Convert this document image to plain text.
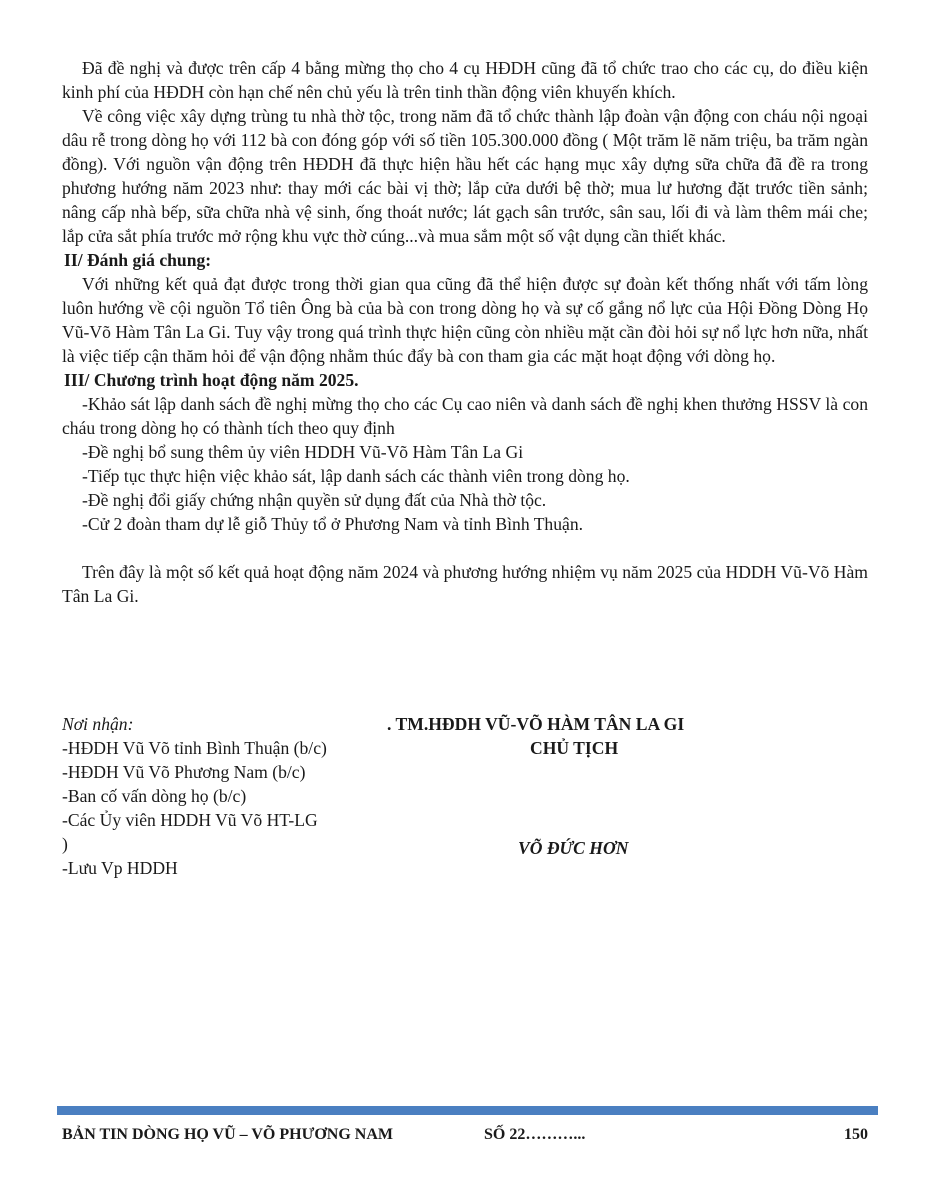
Đã đề nghị và được trên cấp 4 bằng mừng thọ cho 4 cụ HĐDH cũng đã tổ chức trao cho các cụ, do điều kiện kinh phí của HĐDH còn hạn chế nên chủ yếu là trên tinh thần động viên khuyến khích.

Về công việc xây dựng trùng tu nhà thờ tộc, trong năm đã tổ chức thành lập đoàn vận động con cháu nội ngoại dâu rễ trong dòng họ với 112 bà con đóng góp với số tiền 105.300.000 đồng ( Một trăm lẽ năm triệu, ba trăm ngàn đồng). Với nguồn vận động trên HĐDH đã thực hiện hầu hết các hạng mục xây dựng sữa chữa đã đề ra trong phương hướng năm 2023 như: thay mới các bài vị thờ; lắp cửa dưới bệ thờ; mua lư hương đặt trước tiền sảnh; nâng cấp nhà bếp, sữa chữa nhà vệ sinh, ống thoát nước; lát gạch sân trước, sân sau, lối đi và làm thêm mái che; lắp cửa sắt phía trước mở rộng khu vực thờ cúng...và mua sắm một số vật dụng cần thiết khác.

II/ Đánh giá chung:

Với những kết quả đạt được trong thời gian qua cũng đã thể hiện được sự đoàn kết thống nhất với tấm lòng luôn hướng về cội nguồn Tổ tiên Ông bà của bà con trong dòng họ và sự cố gắng nổ lực của Hội Đồng Dòng Họ Vũ-Võ Hàm Tân La Gi. Tuy vậy trong quá trình thực hiện cũng còn nhiều mặt cần đòi hỏi sự nổ lực hơn nữa, nhất là việc tiếp cận thăm hỏi để vận động nhằm thúc đẩy bà con tham gia các mặt hoạt động với dòng họ.

III/ Chương trình hoạt động năm 2025.

-Khảo sát lập danh sách đề nghị mừng thọ cho các Cụ cao niên và danh sách đề nghị khen thưởng HSSV là con cháu trong dòng họ có thành tích theo quy định

-Đề nghị bổ sung thêm ủy viên HDDH Vũ-Võ Hàm Tân La Gi

-Tiếp tục thực hiện việc khảo sát, lập danh sách các thành viên trong dòng họ.

-Đề nghị đổi giấy chứng nhận quyền sử dụng đất của Nhà thờ tộc.

-Cử 2 đoàn tham dự lễ giỗ Thủy tổ ở Phương Nam và tỉnh Bình Thuận.

Trên đây là một số kết quả hoạt động năm 2024 và phương hướng nhiệm vụ năm 2025 của HDDH Vũ-Võ Hàm Tân La Gi.

Nơi nhận:
-HĐDH Vũ Võ tỉnh Bình Thuận (b/c)
-HĐDH Vũ Võ Phương Nam (b/c)
-Ban cố vấn dòng họ (b/c)
-Các Ủy viên HDDH Vũ Võ HT-LG
)
-Lưu Vp HDDH
. TM.HĐDH VŨ-VÕ HÀM TÂN LA GI
CHỦ TỊCH
VÕ ĐỨC HƠN
BẢN TIN DÒNG HỌ VŨ – VÕ PHƯƠNG NAM	SỐ 22………...	150
